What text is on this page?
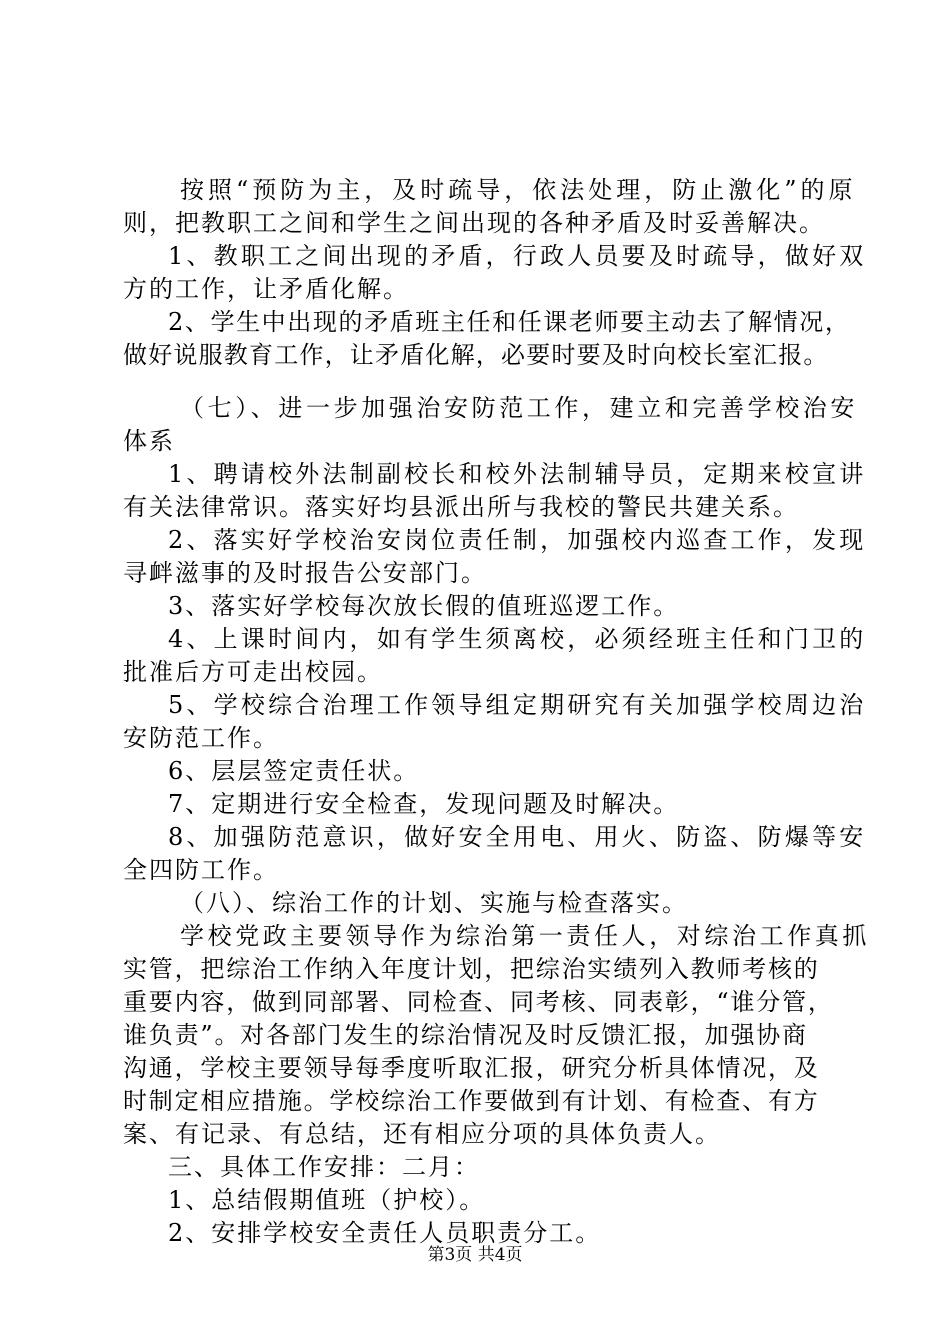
按照“预防为主，及时疏导，依法处理，防止激化”的原
则，把教职工之间和学生之间出现的各种矛盾及时妥善解决。
1、教职工之间出现的矛盾，行政人员要及时疏导，做好双
方的工作，让矛盾化解。
2、学生中出现的矛盾班主任和任课老师要主动去了解情况，
做好说服教育工作，让矛盾化解，必要时要及时向校长室汇报。
（七）、进一步加强治安防范工作，建立和完善学校治安
体系
1、聘请校外法制副校长和校外法制辅导员，定期来校宣讲
有关法律常识。落实好均县派出所与我校的警民共建关系。
2、落实好学校治安岗位责任制，加强校内巡查工作，发现
寻衅滋事的及时报告公安部门。
3、落实好学校每次放长假的值班巡逻工作。
4、上课时间内，如有学生须离校，必须经班主任和门卫的
批准后方可走出校园。
5、学校综合治理工作领导组定期研究有关加强学校周边治
安防范工作。
6、层层签定责任状。
7、定期进行安全检查，发现问题及时解决。
8、加强防范意识，做好安全用电、用火、防盗、防爆等安
全四防工作。
（八）、综治工作的计划、实施与检查落实。
学校党政主要领导作为综治第一责任人，对综治工作真抓
实管，把综治工作纳入年度计划，把综治实绩列入教师考核的
重要内容，做到同部署、同检查、同考核、同表彰，“谁分管，
谁负责”。对各部门发生的综治情况及时反馈汇报，加强协商
沟通，学校主要领导每季度听取汇报，研究分析具体情况，及
时制定相应措施。学校综治工作要做到有计划、有检查、有方
案、有记录、有总结，还有相应分项的具体负责人。
三、具体工作安排：二月：
1、总结假期值班（护校）。
2、安排学校安全责任人员职责分工。
第3页 共4页
